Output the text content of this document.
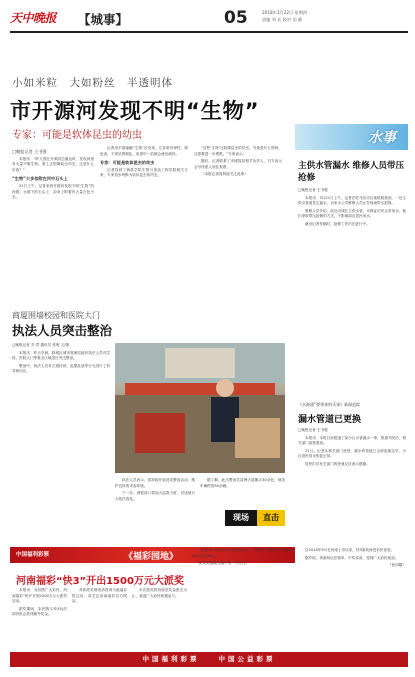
天中晚报 【城事】	05	2018年3月22日 星期四
责编 刘 宏 校对 田 静
小如米粒　大如粉丝　半透明体
市开源河发现不明“生物”
专家：可能是软体昆虫的幼虫
□晚报记者 王书强

本报讯　“昨天我在开源河边溜达时，发现河里有大量不明生物，看上去很像蚊虫幼虫，这是什么东西？”

“生物”大多依附在河中石头上

21日上午，记者来到开源河发现不明“生物”的河段，水面下的石头上、杂草上附着有大量白色小虫。

记者用手指接触“生物”后发现，它非常有弹性，颜色浅，个别呈黑褐色，用指甲一掐便会流出液体。

专家：可能是软体昆虫的幼虫

记者找到了黄淮学院生物与食品工程学院相关专家，专家初步判断为软体昆虫的幼虫。

“这些‘生物’比较像昆虫的幼虫，究竟是什么物种，还需要进一步观察。”专家表示。

随后，记者联系了市城管局相关负责人，对方表示会尽快派人前往查看。

（本报记者将持续关注此事）

水事
主供水管漏水 维修人员带压抢修
□晚报记者 王书强

本报讯　3月21日上午，记者在驻马店市区某路段看到，一处主供水管道发生漏水，自来水公司维修人员正在现场带压抢修。

维修人员介绍，此处为城区主供水管，为保证市民正常用水，他们采取带压抢修的方式，不影响周边居民用水。

截至记者发稿时，抢修工作仍在进行中。

商厦围墙校园和医院大门
执法人员突击整治
□晚报记者 苏 君 通讯员 张明 文/图

本报讯　昨日早晨，驿城区城市管理局组织执法人员对学校、医院大门等重点区域进行突击整治。

整治中，执法人员对占道经营、乱摆乱放等行为进行了劝导和纠正。

执法人员表示，将持续开展此类整治活动，维护良好的市容环境。

下一步，城管部门将加大巡查力度，对违规行为依法查处。

据了解，此次整治共清理占道摊点30余处，规范车辆停放50余辆。

现场	直击
《水源通”要带来的乐果》新闻追踪
漏水管道已更换
□晚报记者 王书强

本报讯　本报日前报道了某小区水管漏水一事，报道刊发后，相关部门高度重视。

21日，记者从相关部门获悉，漏水的管道已全部更换完毕，小区居民用水恢复正常。

居民们对有关部门的快速反应表示感谢。

中国福利彩票	《福彩园地》
河南福彩“快3”开出1500万元大派奖

本报讯　为回馈广大彩民，河南福彩“快3”开展1500万元大派奖活动。

派奖期间，彩民购买快3玩法即有机会获得额外奖金。

具体派奖规则请咨询当地福彩投注站，或关注河南福彩官方网站。

本次派奖将持续至奖金派完为止，欢迎广大彩民积极参与。

“和值16”奖金由40元加至50元；“和值6”“和值15”奖金由40元加至50元。

派奖奖金随当期中奖一并兑付。

自2014年9月在河南上市以来，快3游戏深受彩民喜爱。

据介绍，该游戏玩法简单、中奖率高，受到广大彩民欢迎。

（张同耀）

中国福利彩票　　中国公益彩票
